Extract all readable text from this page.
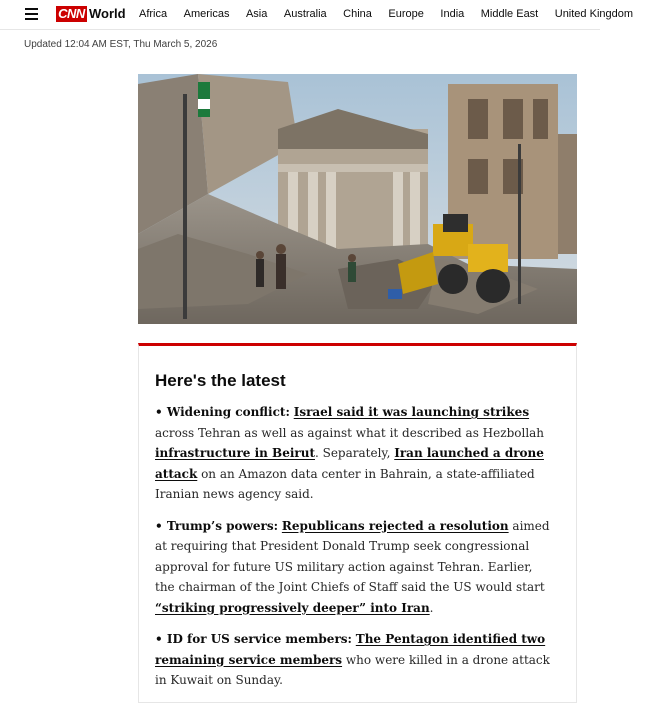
CNN World Africa Americas Asia Australia China Europe India Middle East United Kingdom
Updated 12:04 AM EST, Thu March 5, 2026
Here's the latest

• Widening conflict: Israel said it was launching strikes across Tehran as well as against what it described as Hezbollah infrastructure in Beirut. Separately, Iran launched a drone attack on an Amazon data center in Bahrain, a state-affiliated Iranian news agency said.

• Trump’s powers: Republicans rejected a resolution aimed at requiring that President Donald Trump seek congressional approval for future US military action against Tehran. Earlier, the chairman of the Joint Chiefs of Staff said the US would start “striking progressively deeper” into Iran.

• ID for US service members: The Pentagon identified two remaining service members who were killed in a drone attack in Kuwait on Sunday.
